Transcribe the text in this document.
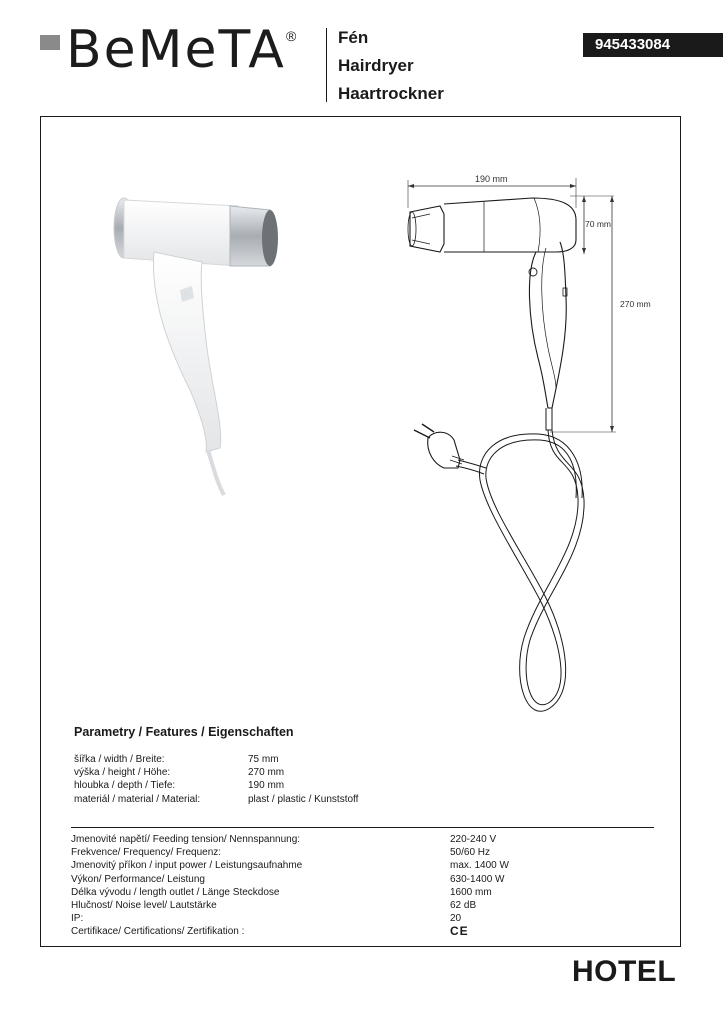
BeMeTA ® Fén
Hairdryer
Haartrockner
945433084
190 mm
70 mm
270 mm
Parametry / Features / Eigenschaften
šířka / width / Breite:
výška / height / Höhe:
hloubka / depth / Tiefe:
materiál / material / Material:
75 mm
270 mm
190 mm
plast / plastic / Kunststoff
Jmenovité napětí/ Feeding tension/ Nennspannung:
Frekvence/ Frequency/ Frequenz:
Jmenovitý příkon / input power / Leistungsaufnahme
Výkon/ Performance/ Leistung
Délka vývodu / length outlet / Länge Steckdose
Hlučnost/ Noise level/ Lautstärke
IP:
Certifikace/ Certifications/ Zertifikation :
220-240 V
50/60 Hz
max. 1400 W
630-1400 W
1600 mm
62 dB
20
CE
HOTEL
